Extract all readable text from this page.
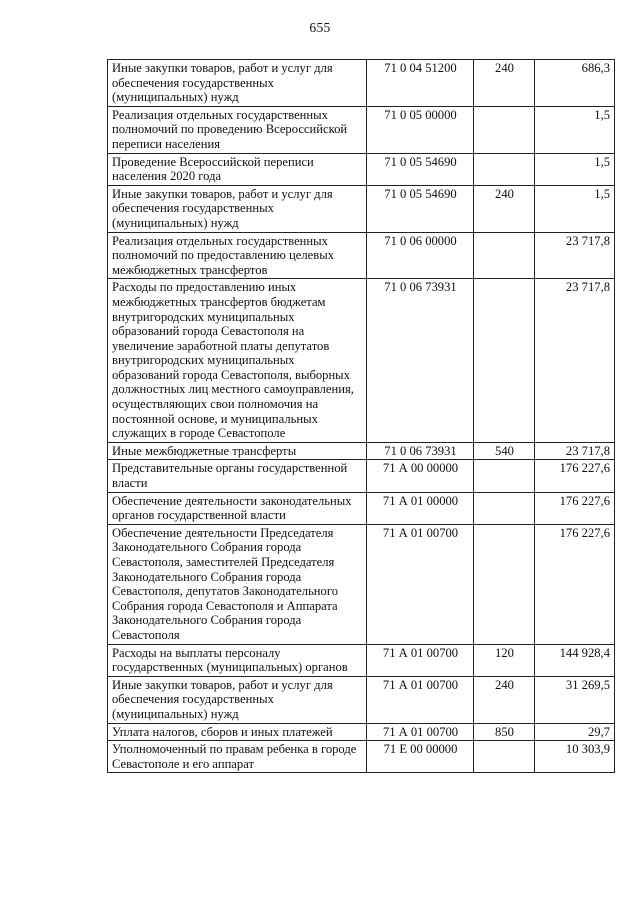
655
Иные закупки товаров, работ и услуг для обеспечения государственных (муниципальных) нужд	71 0 04 51200	240	686,3
Реализация отдельных государственных полномочий по проведению Всероссийской переписи населения	71 0 05 00000		1,5
Проведение Всероссийской переписи населения 2020 года	71 0 05 54690		1,5
Иные закупки товаров, работ и услуг для обеспечения государственных (муниципальных) нужд	71 0 05 54690	240	1,5
Реализация отдельных государственных полномочий по предоставлению целевых межбюджетных трансфертов	71 0 06 00000		23 717,8
Расходы по предоставлению иных межбюджетных трансфертов бюджетам внутригородских муниципальных образований города Севастополя на увеличение заработной платы депутатов внутригородских муниципальных образований города Севастополя, выборных должностных лиц местного самоуправления, осуществляющих свои полномочия на постоянной основе, и муниципальных служащих в городе Севастополе	71 0 06 73931		23 717,8
Иные межбюджетные трансферты	71 0 06 73931	540	23 717,8
Представительные органы государственной власти	71 А 00 00000		176 227,6
Обеспечение деятельности законодательных органов государственной власти	71 А 01 00000		176 227,6
Обеспечение деятельности Председателя Законодательного Собрания города Севастополя, заместителей Председателя Законодательного Собрания города Севастополя, депутатов Законодательного Собрания города Севастополя и Аппарата Законодательного Собрания города Севастополя	71 А 01 00700		176 227,6
Расходы на выплаты персоналу государственных (муниципальных) органов	71 А 01 00700	120	144 928,4
Иные закупки товаров, работ и услуг для обеспечения государственных (муниципальных) нужд	71 А 01 00700	240	31 269,5
Уплата налогов, сборов и иных платежей	71 А 01 00700	850	29,7
Уполномоченный по правам ребенка в городе Севастополе и его аппарат	71 Е 00 00000		10 303,9
